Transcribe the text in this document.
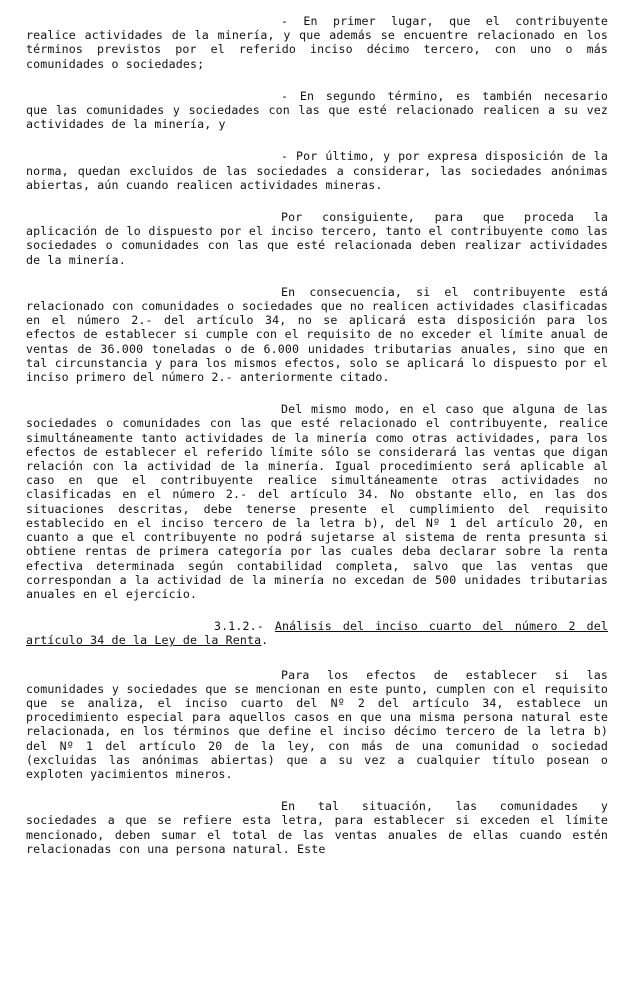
- En primer lugar, que el contribuyente realice actividades de la minería, y que además se encuentre relacionado en los términos previstos por el referido inciso décimo tercero, con uno o más comunidades o sociedades;

- En segundo término, es también necesario que las comunidades y sociedades con las que esté relacionado realicen a su vez actividades de la minería, y

- Por último, y por expresa disposición de la norma, quedan excluidos de las sociedades a considerar, las sociedades anónimas abiertas, aún cuando realicen actividades mineras.

Por consiguiente, para que proceda la aplicación de lo dispuesto por el inciso tercero, tanto el contribuyente como las sociedades o comunidades con las que esté relacionada deben realizar actividades de la minería.

En consecuencia, si el contribuyente está relacionado con comunidades o sociedades que no realicen actividades clasificadas en el número 2.- del artículo 34, no se aplicará esta disposición para los efectos de establecer si cumple con el requisito de no exceder el límite anual de ventas de 36.000 toneladas o de 6.000 unidades tributarias anuales, sino que en tal circunstancia y para los mismos efectos, solo se aplicará lo dispuesto por el inciso primero del número 2.- anteriormente citado.

Del mismo modo, en el caso que alguna de las sociedades o comunidades con las que esté relacionado el contribuyente, realice simultáneamente tanto actividades de la minería como otras actividades, para los efectos de establecer el referido límite sólo se considerará las ventas que digan relación con la actividad de la minería. Igual procedimiento será aplicable al caso en que el contribuyente realice simultáneamente otras actividades no clasificadas en el número 2.- del artículo 34. No obstante ello, en las dos situaciones descritas, debe tenerse presente el cumplimiento del requisito establecido en el inciso tercero de la letra b), del Nº 1 del artículo 20, en cuanto a que el contribuyente no podrá sujetarse al sistema de renta presunta si obtiene rentas de primera categoría por las cuales deba declarar sobre la renta efectiva determinada según contabilidad completa, salvo que las ventas que correspondan a la actividad de la minería no excedan de 500 unidades tributarias anuales en el ejercicio.

3.1.2.- Análisis del inciso cuarto del número 2 del artículo 34 de la Ley de la Renta.

Para los efectos de establecer si las comunidades y sociedades que se mencionan en este punto, cumplen con el requisito que se analiza, el inciso cuarto del Nº 2 del artículo 34, establece un procedimiento especial para aquellos casos en que una misma persona natural este relacionada, en los términos que define el inciso décimo tercero de la letra b) del Nº 1 del artículo 20 de la ley, con más de una comunidad o sociedad (excluidas las anónimas abiertas) que a su vez a cualquier título posean o exploten yacimientos mineros.

En tal situación, las comunidades y sociedades a que se refiere esta letra, para establecer si exceden el límite mencionado, deben sumar el total de las ventas anuales de ellas cuando estén relacionadas con una persona natural. Este
